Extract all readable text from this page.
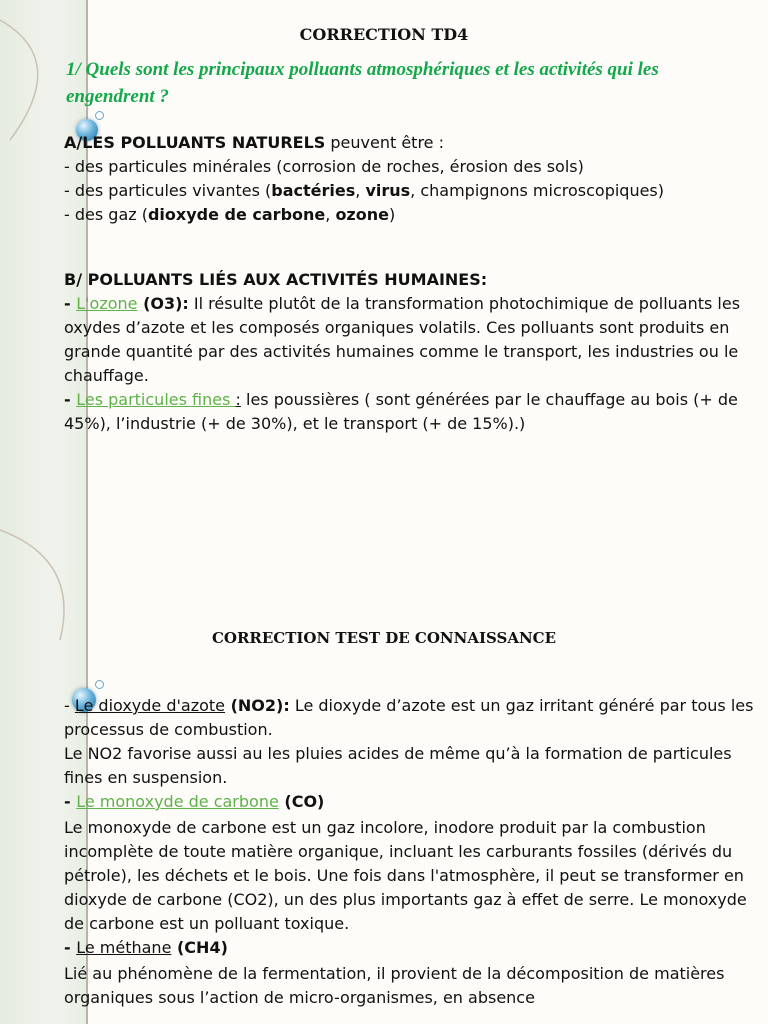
CORRECTION TD4

1/ Quels sont les principaux polluants atmosphériques et les activités qui les engendrent ?

A/LES POLLUANTS NATURELS peuvent être :

- des particules minérales (corrosion de roches, érosion des sols)

- des particules vivantes (bactéries, virus, champignons microscopiques)

- des gaz (dioxyde de carbone, ozone)

B/ POLLUANTS LIÉS AUX ACTIVITÉS HUMAINES:

- L'ozone (O3): Il résulte plutôt de la transformation photochimique de polluants les oxydes d’azote et les composés organiques volatils. Ces polluants sont produits en grande quantité par des activités humaines comme le transport, les industries ou le chauffage.

- Les particules fines : les poussières ( sont générées par le chauffage au bois (+ de 45%), l’industrie (+ de 30%), et le transport (+ de 15%).)

CORRECTION TEST DE CONNAISSANCE

- Le dioxyde d'azote (NO2): Le dioxyde d’azote est un gaz irritant généré par tous les processus de combustion.

Le NO2 favorise aussi au les pluies acides de même qu’à la formation de particules fines en suspension.

- Le monoxyde de carbone (CO)

Le monoxyde de carbone est un gaz incolore, inodore produit par la combustion incomplète de toute matière organique, incluant les carburants fossiles (dérivés du pétrole), les déchets et le bois. Une fois dans l'atmosphère, il peut se transformer en dioxyde de carbone (CO2), un des plus importants gaz à effet de serre. Le monoxyde de carbone est un polluant toxique.

- Le méthane (CH4)

Lié au phénomène de la fermentation, il provient de la décomposition de matières organiques sous l’action de micro-organismes, en absence
